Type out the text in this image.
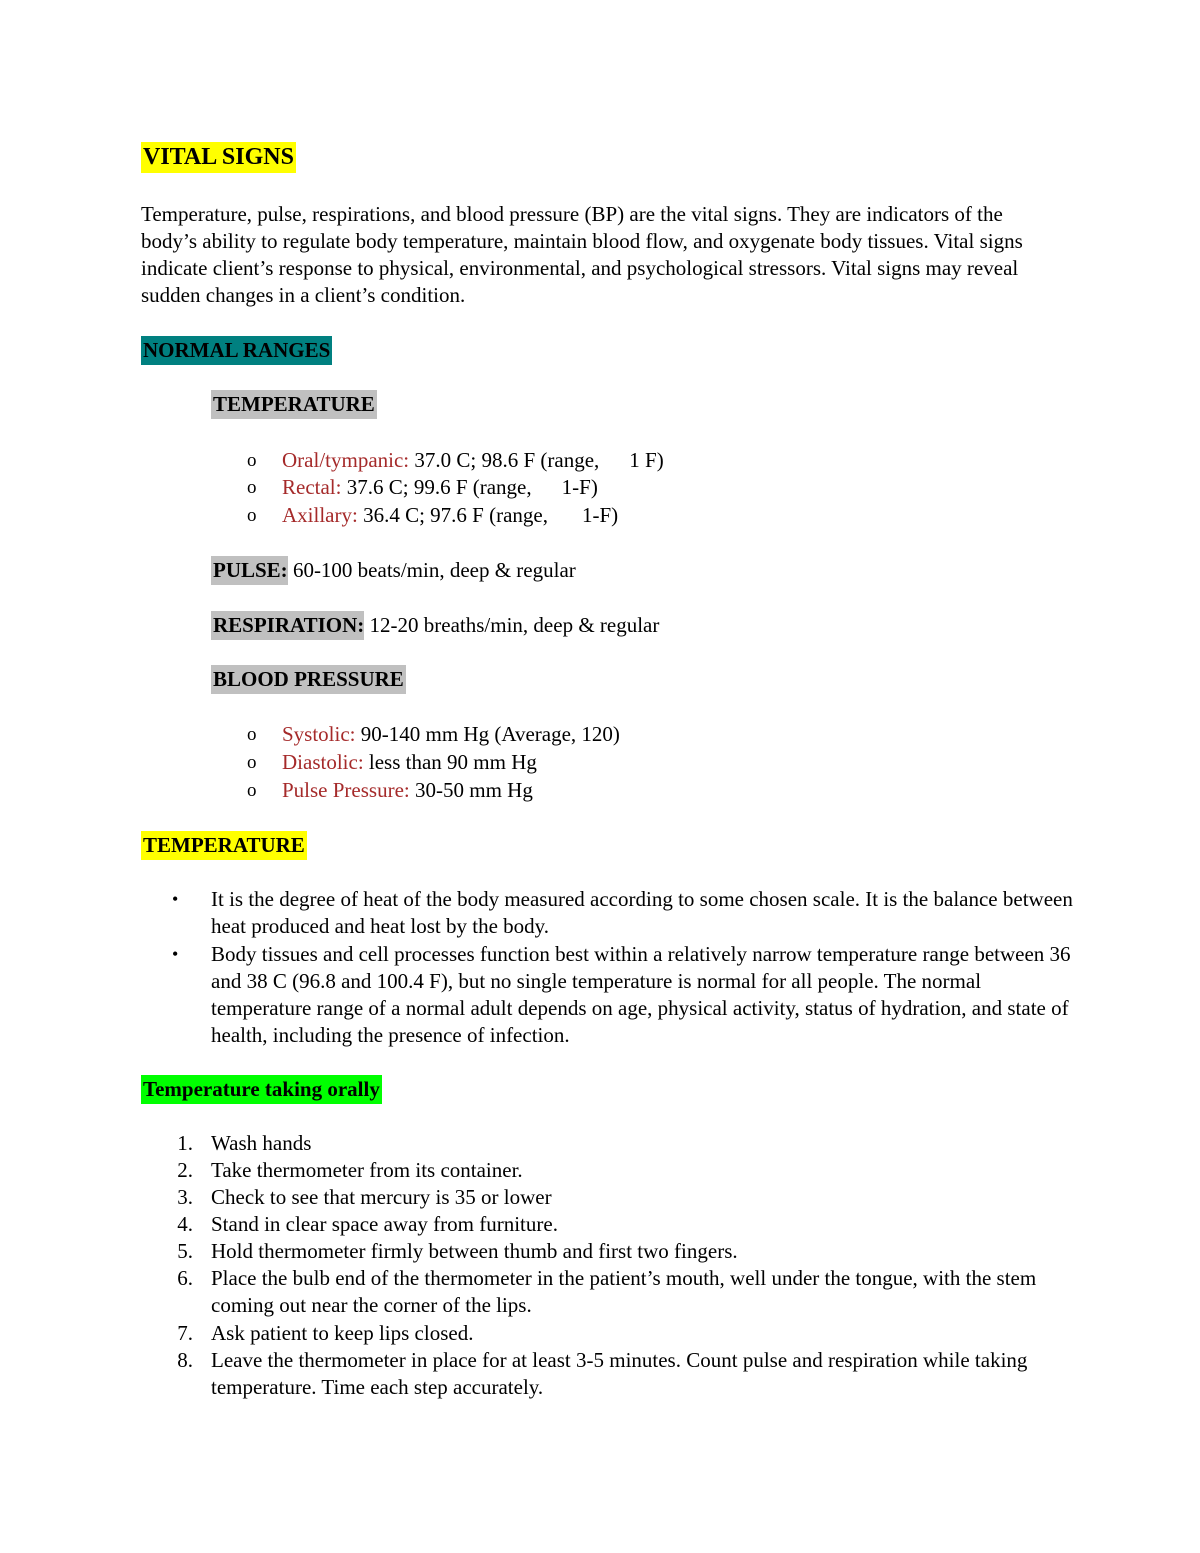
VITAL SIGNS
Temperature, pulse, respirations, and blood pressure (BP) are the vital signs. They are indicators of the body’s ability to regulate body temperature, maintain blood flow, and oxygenate body tissues. Vital signs indicate client’s response to physical, environmental, and psychological stressors. Vital signs may reveal sudden changes in a client’s condition.
NORMAL RANGES
TEMPERATURE
o Oral/tympanic: 37.0 C; 98.6 F (range, 1 F)
o Rectal: 37.6 C; 99.6 F (range, 1-F)
o Axillary: 36.4 C; 97.6 F (range, 1-F)
PULSE: 60-100 beats/min, deep & regular
RESPIRATION: 12-20 breaths/min, deep & regular
BLOOD PRESSURE
o Systolic: 90-140 mm Hg (Average, 120)
o Diastolic: less than 90 mm Hg
o Pulse Pressure: 30-50 mm Hg
TEMPERATURE
• It is the degree of heat of the body measured according to some chosen scale. It is the balance between heat produced and heat lost by the body.
• Body tissues and cell processes function best within a relatively narrow temperature range between 36 and 38 C (96.8 and 100.4 F), but no single temperature is normal for all people. The normal temperature range of a normal adult depends on age, physical activity, status of hydration, and state of health, including the presence of infection.
Temperature taking orally
1. Wash hands
2. Take thermometer from its container.
3. Check to see that mercury is 35 or lower
4. Stand in clear space away from furniture.
5. Hold thermometer firmly between thumb and first two fingers.
6. Place the bulb end of the thermometer in the patient’s mouth, well under the tongue, with the stem coming out near the corner of the lips.
7. Ask patient to keep lips closed.
8. Leave the thermometer in place for at least 3-5 minutes. Count pulse and respiration while taking temperature. Time each step accurately.
